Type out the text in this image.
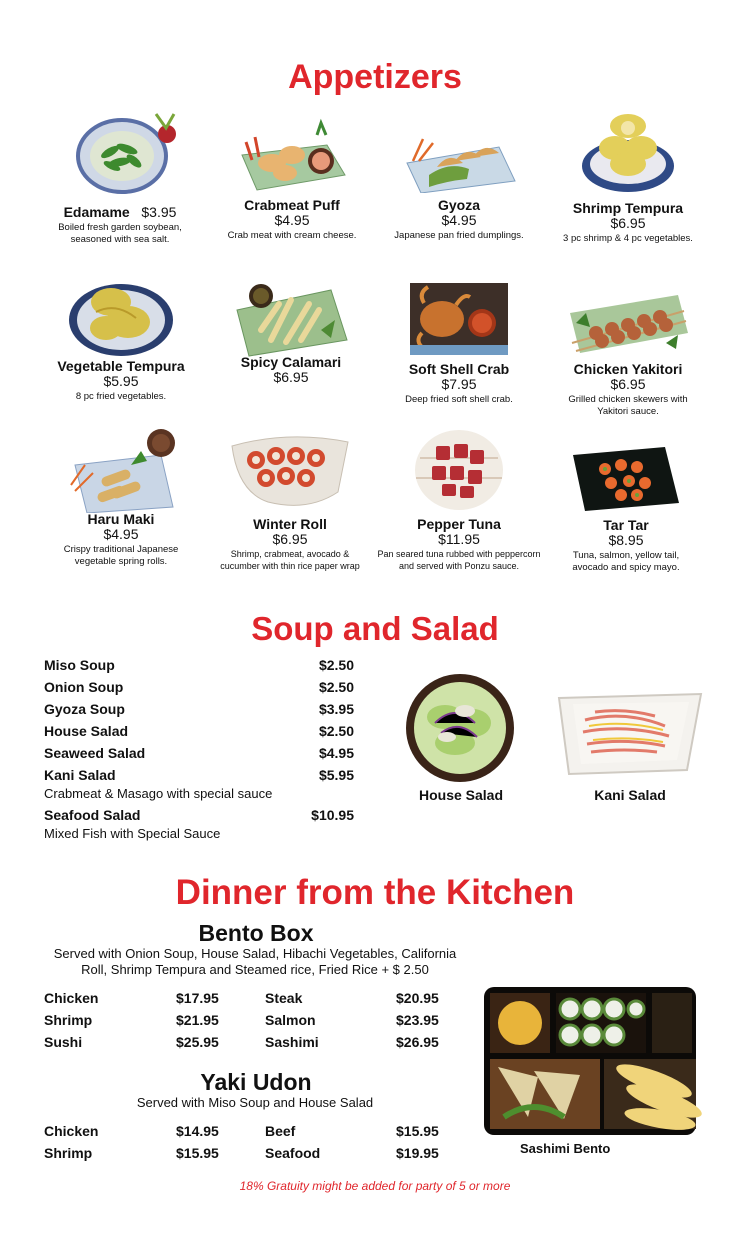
Appetizers
Edamame $3.95
Boiled fresh garden soybean, seasoned with sea salt.
Crabmeat Puff
$4.95
Crab meat with cream cheese.
Gyoza
$4.95
Japanese pan fried dumplings.
Shrimp Tempura
$6.95
3 pc shrimp & 4 pc vegetables.
Vegetable Tempura
$5.95
8 pc fried vegetables.
Spicy Calamari
$6.95	Soft Shell Crab
$7.95
Deep fried soft shell crab.
Chicken Yakitori
$6.95
Grilled chicken skewers with Yakitori sauce.
Haru Maki
$4.95
Crispy traditional Japanese vegetable spring rolls.
Winter Roll
$6.95
Shrimp, crabmeat, avocado & cucumber with thin rice paper wrap
Pepper Tuna
$11.95
Pan seared tuna rubbed with peppercorn and served with Ponzu sauce.
Tar Tar
$8.95
Tuna, salmon, yellow tail, avocado and spicy mayo.
Soup and Salad
Miso Soup	$2.50
Onion Soup	$2.50
Gyoza Soup	$3.95
House Salad	$2.50
Seaweed Salad	$4.95
Kani Salad	$5.95
Crabmeat & Masago with special sauce
Seafood Salad	$10.95
Mixed Fish with Special Sauce
House Salad	Kani Salad
Dinner from the Kitchen
Bento Box
Served with Onion Soup, House Salad, Hibachi Vegetables, California
Roll, Shrimp Tempura and Steamed rice, Fried Rice + $ 2.50
Chicken	$17.95	Steak	$20.95
Shrimp	$21.95	Salmon	$23.95
Sushi	$25.95	Sashimi	$26.95
Yaki Udon
Served with Miso Soup and House Salad
Chicken	$14.95	Beef	$15.95
Shrimp	$15.95	Seafood	$19.95	Sashimi Bento
18% Gratuity might be added for party of 5 or more
